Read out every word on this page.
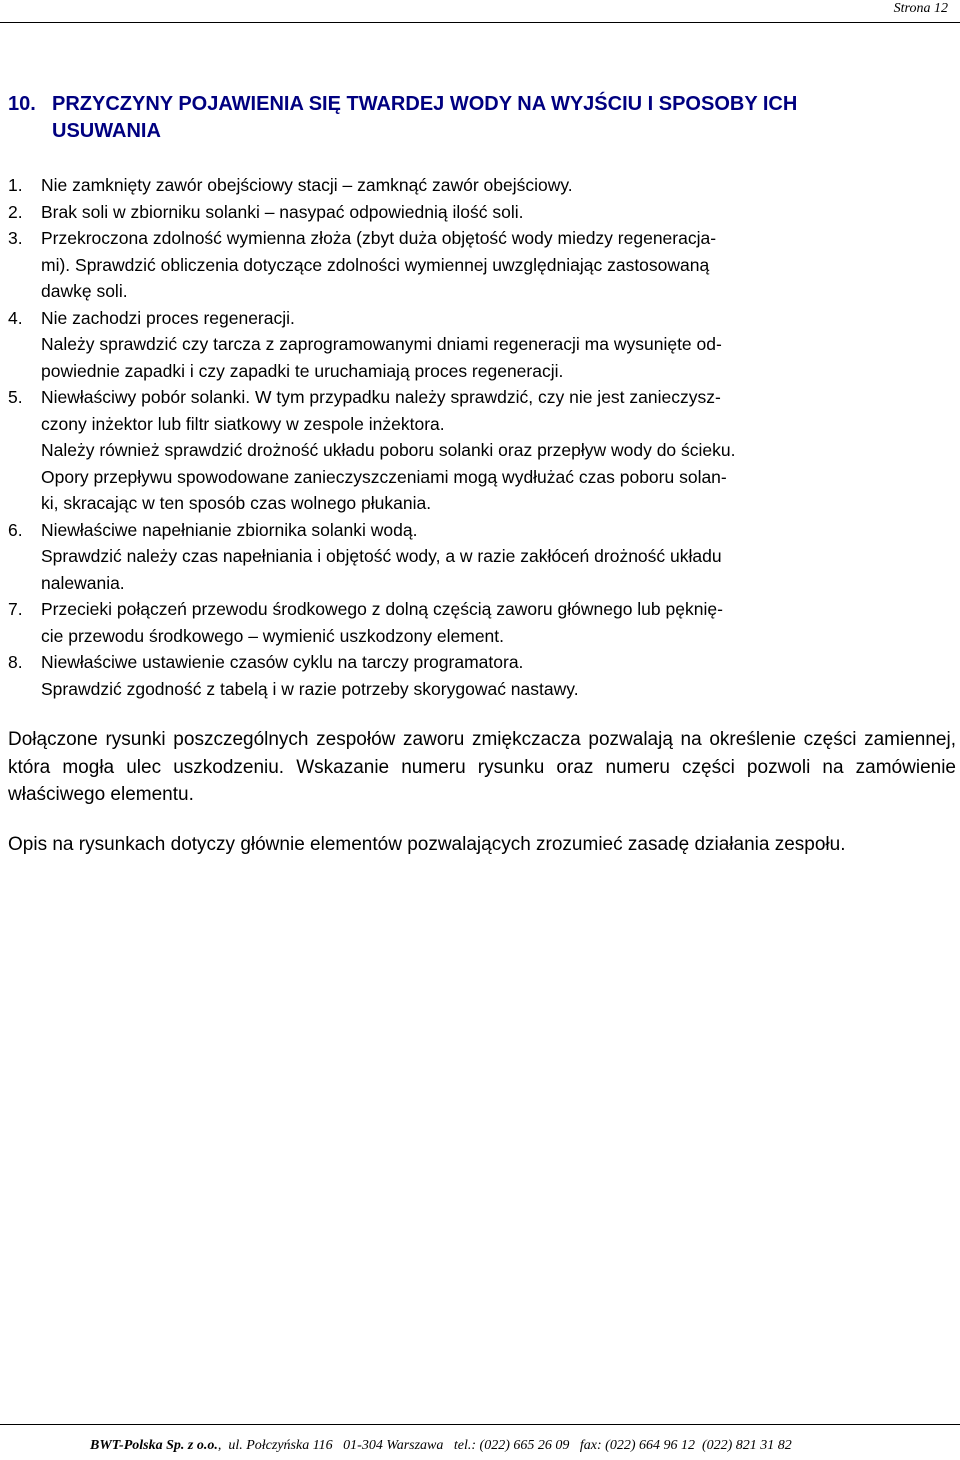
Strona 12
10. PRZYCZYNY POJAWIENIA SIĘ TWARDEJ WODY NA WYJŚCIU I SPOSOBY ICH
USUWANIA
1.	Nie zamknięty zawór obejściowy stacji – zamknąć zawór obejściowy.
2.	Brak soli w zbiorniku solanki – nasypać odpowiednią ilość soli.
3.	Przekroczona zdolność wymienna złoża (zbyt duża objętość wody miedzy regeneracja-
mi). Sprawdzić obliczenia dotyczące zdolności wymiennej uwzględniając zastosowaną
dawkę soli.
4.	Nie zachodzi proces regeneracji.
Należy sprawdzić czy tarcza z zaprogramowanymi dniami regeneracji ma wysunięte od-
powiednie zapadki i czy zapadki te uruchamiają proces regeneracji.
5.	Niewłaściwy pobór solanki. W tym przypadku należy sprawdzić, czy nie jest zanieczysz-
czony inżektor lub filtr siatkowy w zespole inżektora.
Należy również sprawdzić drożność układu poboru solanki oraz przepływ wody do ścieku.
Opory przepływu spowodowane zanieczyszczeniami mogą wydłużać czas poboru solan-
ki, skracając w ten sposób czas wolnego płukania.
6.	Niewłaściwe napełnianie zbiornika solanki wodą.
Sprawdzić należy czas napełniania i objętość wody, a w razie zakłóceń drożność układu
nalewania.
7.	Przecieki połączeń przewodu środkowego z dolną częścią zaworu głównego lub pęknię-
cie przewodu środkowego – wymienić uszkodzony element.
8.	Niewłaściwe ustawienie czasów cyklu na tarczy programatora.
Sprawdzić zgodność z tabelą i w razie potrzeby skorygować nastawy.
Dołączone rysunki poszczególnych zespołów zaworu zmiękczacza pozwalają na określenie części zamiennej, która mogła ulec uszkodzeniu. Wskazanie numeru rysunku oraz numeru części pozwoli na zamówienie właściwego elementu.
Opis na rysunkach dotyczy głównie elementów pozwalających zrozumieć zasadę działania zespołu.
BWT-Polska Sp. z o.o.,  ul. Połczyńska 116   01-304 Warszawa tel.: (022) 665 26 09 fax: (022) 664 96 12  (022) 821 31 82
